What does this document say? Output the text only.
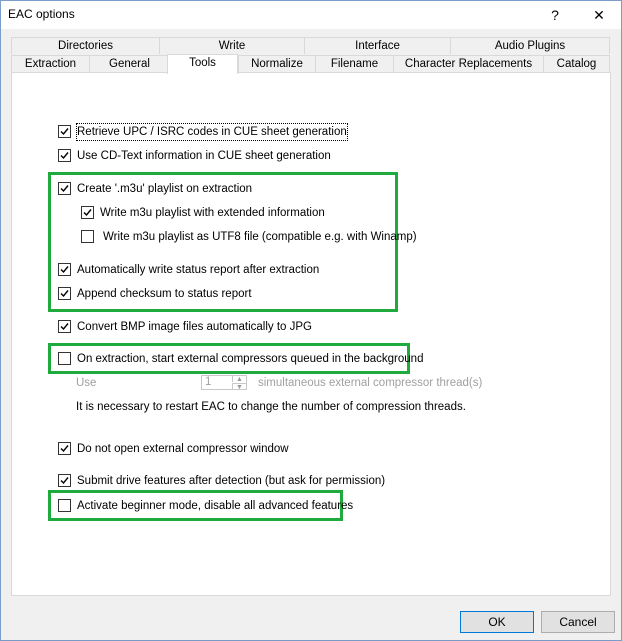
EAC options	?	✕
Directories	Write	Interface	Audio Plugins
Extraction	General	Tools	Normalize	Filename	Character Replacements	Catalog
Retrieve UPC / ISRC codes in CUE sheet generation
Use CD-Text information in CUE sheet generation
Create '.m3u' playlist on extraction
Write m3u playlist with extended information
Write m3u playlist as UTF8 file (compatible e.g. with Winamp)
Automatically write status report after extraction
Append checksum to status report
Convert BMP image files automatically to JPG
On extraction, start external compressors queued in the background
Use	1	▲
▼ simultaneous external compressor thread(s)
It is necessary to restart EAC to change the number of compression threads.
Do not open external compressor window
Submit drive features after detection (but ask for permission)
Activate beginner mode, disable all advanced features
OK	Cancel
